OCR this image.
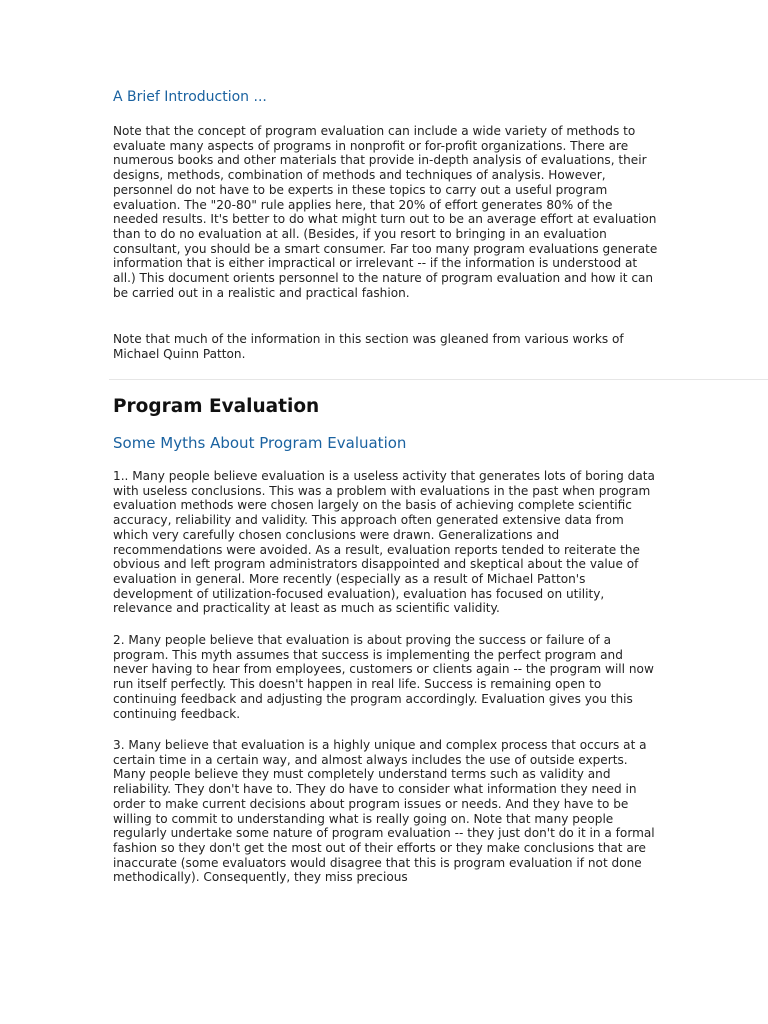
A Brief Introduction ...

Note that the concept of program evaluation can include a wide variety of methods to evaluate many aspects of programs in nonprofit or for-profit organizations. There are numerous books and other materials that provide in-depth analysis of evaluations, their designs, methods, combination of methods and techniques of analysis. However, personnel do not have to be experts in these topics to carry out a useful program evaluation. The "20-80" rule applies here, that 20% of effort generates 80% of the needed results. It's better to do what might turn out to be an average effort at evaluation than to do no evaluation at all. (Besides, if you resort to bringing in an evaluation consultant, you should be a smart consumer. Far too many program evaluations generate information that is either impractical or irrelevant -- if the information is understood at all.) This document orients personnel to the nature of program evaluation and how it can be carried out in a realistic and practical fashion.

Note that much of the information in this section was gleaned from various works of Michael Quinn Patton.

Program Evaluation
Some Myths About Program Evaluation

1.. Many people believe evaluation is a useless activity that generates lots of boring data with useless conclusions. This was a problem with evaluations in the past when program evaluation methods were chosen largely on the basis of achieving complete scientific accuracy, reliability and validity. This approach often generated extensive data from which very carefully chosen conclusions were drawn. Generalizations and recommendations were avoided. As a result, evaluation reports tended to reiterate the obvious and left program administrators disappointed and skeptical about the value of evaluation in general. More recently (especially as a result of Michael Patton's development of utilization-focused evaluation), evaluation has focused on utility, relevance and practicality at least as much as scientific validity.

2. Many people believe that evaluation is about proving the success or failure of a program. This myth assumes that success is implementing the perfect program and never having to hear from employees, customers or clients again -- the program will now run itself perfectly. This doesn't happen in real life. Success is remaining open to continuing feedback and adjusting the program accordingly. Evaluation gives you this continuing feedback.

3. Many believe that evaluation is a highly unique and complex process that occurs at a certain time in a certain way, and almost always includes the use of outside experts. Many people believe they must completely understand terms such as validity and reliability. They don't have to. They do have to consider what information they need in order to make current decisions about program issues or needs. And they have to be willing to commit to understanding what is really going on. Note that many people regularly undertake some nature of program evaluation -- they just don't do it in a formal fashion so they don't get the most out of their efforts or they make conclusions that are inaccurate (some evaluators would disagree that this is program evaluation if not done methodically). Consequently, they miss precious
